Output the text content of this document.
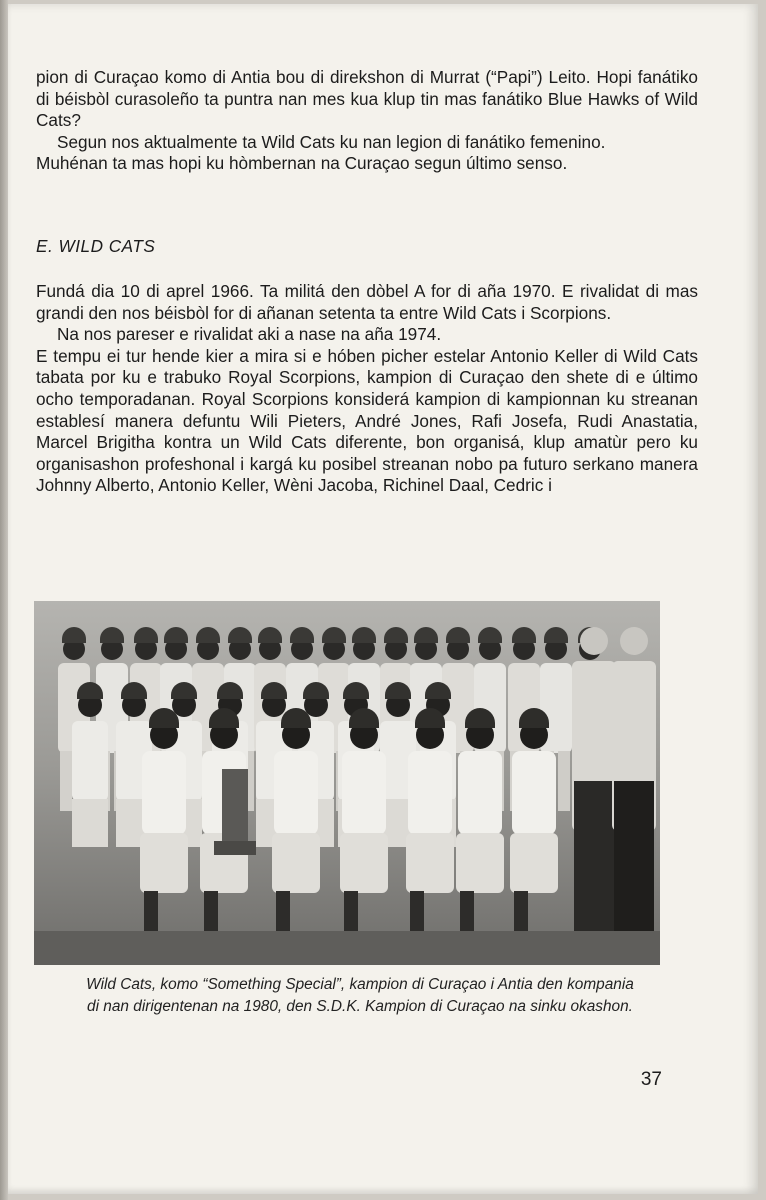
pion di Curaçao komo di Antia bou di direkshon di Murrat (“Papi”) Leito. Hopi fanátiko di béisbòl curasoleño ta puntra nan mes kua klup tin mas fanátiko Blue Hawks of Wild Cats?

Segun nos aktualmente ta Wild Cats ku nan legion di fanátiko femenino.

Muhénan ta mas hopi ku hòmbernan na Curaçao segun último senso.

E. WILD CATS

Fundá dia 10 di aprel 1966. Ta militá den dòbel A for di aña 1970. E rivalidat di mas grandi den nos béisbòl for di añanan setenta ta entre Wild Cats i Scorpions.

Na nos pareser e rivalidat aki a nase na aña 1974.

E tempu ei tur hende kier a mira si e hóben picher estelar Antonio Keller di Wild Cats tabata por ku e trabuko Royal Scorpions, kampion di Curaçao den shete di e último ocho temporadanan. Royal Scorpions konsiderá kampion di kampionnan ku streanan establesí manera defuntu Wili Pieters, André Jones, Rafi Josefa, Rudi Anastatia, Marcel Brigitha kontra un Wild Cats diferente, bon organisá, klup amatùr pero ku organisashon profeshonal i kargá ku posibel streanan nobo pa futuro serkano manera Johnny Alberto, Antonio Keller, Wèni Jacoba, Richinel Daal, Cedric i

Wild Cats, komo “Something Special”, kampion di Curaçao i Antia den kompania
di nan dirigentenan na 1980, den S.D.K. Kampion di Curaçao na sinku okashon.
37
